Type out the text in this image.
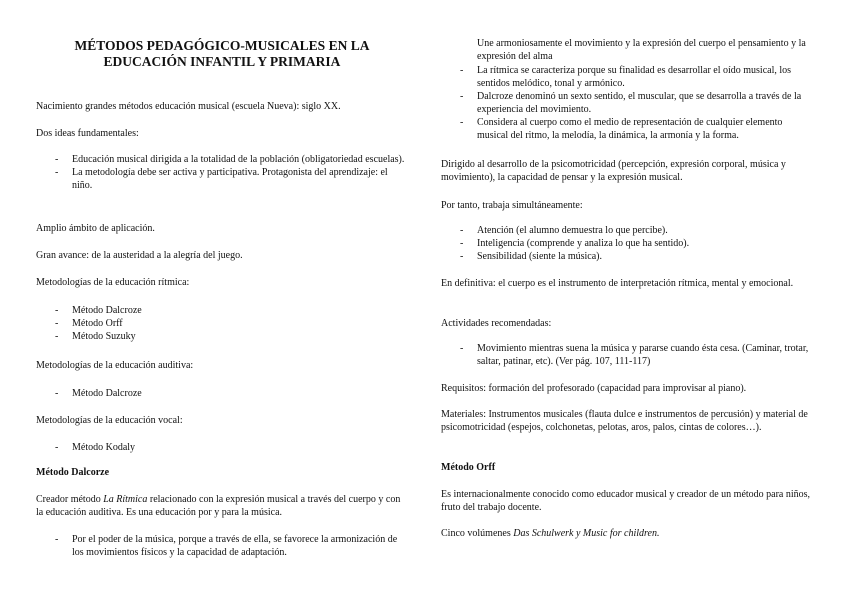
MÉTODOS PEDAGÓGICO-MUSICALES EN LA EDUCACIÓN INFANTIL Y PRIMARIA

Nacimiento grandes métodos educación musical (escuela Nueva): siglo XX.

Dos ideas fundamentales:

- Educación musical dirigida a la totalidad de la población (obligatoriedad escuelas).
- La metodología debe ser activa y participativa. Protagonista del aprendizaje: el niño.

Amplio ámbito de aplicación.

Gran avance: de la austeridad a la alegría del juego.

Metodologías de la educación rítmica:

- Método Dalcroze
- Método Orff
- Método Suzuky

Metodologías de la educación auditiva:

- Método Dalcroze

Metodologías de la educación vocal:

- Método Kodaly

Método Dalcorze

Creador método La Rítmica relacionado con la expresión musical a través del cuerpo y con la educación auditiva. Es una educación por y para la música.

- Por el poder de la música, porque a través de ella, se favorece la armonización de los movimientos físicos y la capacidad de adaptación.

Une armoniosamente el movimiento y la expresión del cuerpo el pensamiento y la expresión del alma

- La rítmica se caracteriza porque su finalidad es desarrollar el oído musical, los sentidos melódico, tonal y armónico.
- Dalcroze denominó un sexto sentido, el muscular, que se desarrolla a través de la experiencia del movimiento.
- Considera al cuerpo como el medio de representación de cualquier elemento musical del ritmo, la melodía, la dinámica, la armonía y la forma.

Dirigido al desarrollo de la psicomotricidad (percepción, expresión corporal, música y movimiento), la capacidad de pensar y la expresión musical.

Por tanto, trabaja simultáneamente:

- Atención (el alumno demuestra lo que percibe).
- Inteligencia (comprende y analiza lo que ha sentido).
- Sensibilidad (siente la música).

En definitiva: el cuerpo es el instrumento de interpretación rítmica, mental y emocional.

Actividades recomendadas:

- Movimiento mientras suena la música y pararse cuando ésta cesa. (Caminar, trotar, saltar, patinar, etc). (Ver pág. 107, 111-117)

Requisitos: formación del profesorado (capacidad para improvisar al piano).

Materiales: Instrumentos musicales (flauta dulce e instrumentos de percusión) y material de psicomotricidad (espejos, colchonetas, pelotas, aros, palos, cintas de colores…).

Método Orff

Es internacionalmente conocido como educador musical y creador de un método para niños, fruto del trabajo docente.

Cinco volúmenes Das Schulwerk y Music for children.
